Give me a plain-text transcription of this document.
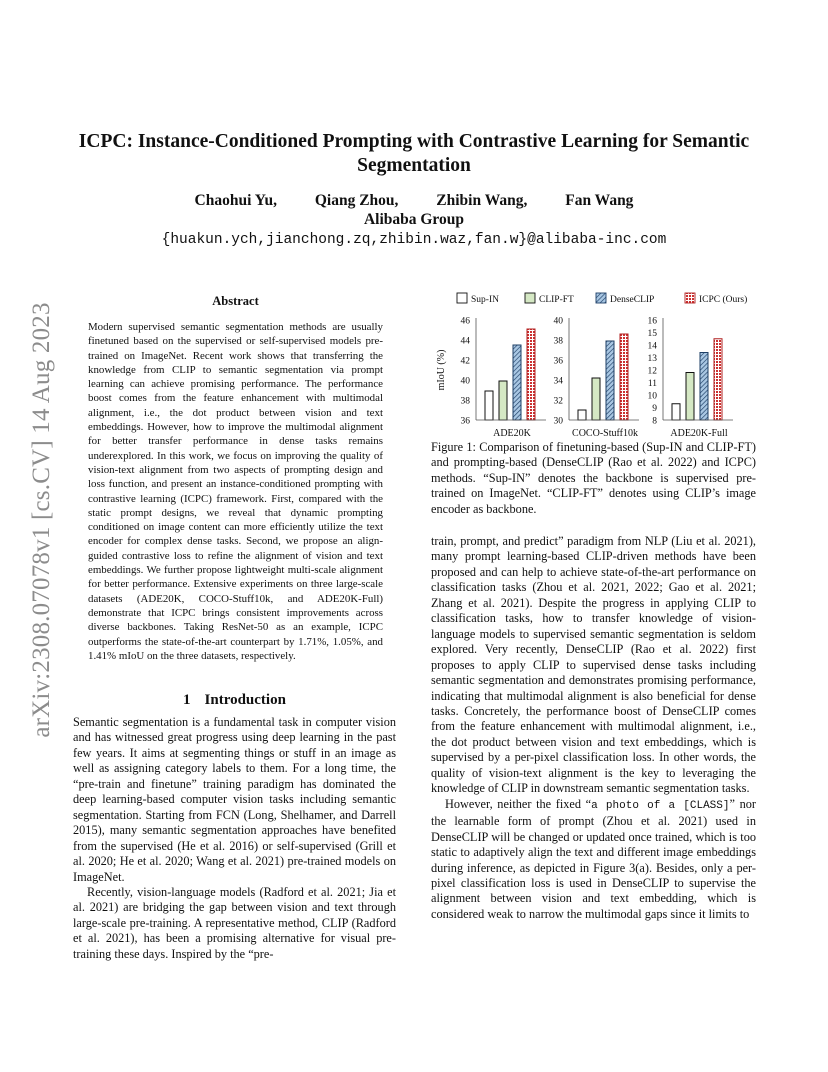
arXiv:2308.07078v1 [cs.CV] 14 Aug 2023
ICPC: Instance-Conditioned Prompting with Contrastive Learning for Semantic Segmentation
Chaohui Yu, Qiang Zhou, Zhibin Wang, Fan Wang
Alibaba Group
{huakun.ych,jianchong.zq,zhibin.waz,fan.w}@alibaba-inc.com
Abstract

Modern supervised semantic segmentation methods are usually finetuned based on the supervised or self-supervised models pre-trained on ImageNet. Recent work shows that transferring the knowledge from CLIP to semantic segmentation via prompt learning can achieve promising performance. The performance boost comes from the feature enhancement with multimodal alignment, i.e., the dot product between vision and text embeddings. However, how to improve the multimodal alignment for better transfer performance in dense tasks remains underexplored. In this work, we focus on improving the quality of vision-text alignment from two aspects of prompting design and loss function, and present an instance-conditioned prompting with contrastive learning (ICPC) framework. First, compared with the static prompt designs, we reveal that dynamic prompting conditioned on image content can more efficiently utilize the text encoder for complex dense tasks. Second, we propose an align-guided contrastive loss to refine the alignment of vision and text embeddings. We further propose lightweight multi-scale alignment for better performance. Extensive experiments on three large-scale datasets (ADE20K, COCO-Stuff10k, and ADE20K-Full) demonstrate that ICPC brings consistent improvements across diverse backbones. Taking ResNet-50 as an example, ICPC outperforms the state-of-the-art counterpart by 1.71%, 1.05%, and 1.41% mIoU on the three datasets, respectively.

1 Introduction

Semantic segmentation is a fundamental task in computer vision and has witnessed great progress using deep learning in the past few years. It aims at segmenting things or stuff in an image as well as assigning category labels to them. For a long time, the “pre-train and finetune” training paradigm has dominated the deep learning-based computer vision tasks including semantic segmentation. Starting from FCN (Long, Shelhamer, and Darrell 2015), many semantic segmentation approaches have benefited from the supervised (He et al. 2016) or self-supervised (Grill et al. 2020; He et al. 2020; Wang et al. 2021) pre-trained models on ImageNet.

Recently, vision-language models (Radford et al. 2021; Jia et al. 2021) are bridging the gap between vision and text through large-scale pre-training. A representative method, CLIP (Radford et al. 2021), has been a promising alternative for visual pre-training these days. Inspired by the “pre-

Sup-IN	CLIP-FT	DenseCLIP	ICPC (Ours)
36
38
40
42
44
46
ADE20K
30
32
34
36
38
40
COCO-Stuff10k
8
9
10
11
12
13
14
15
16
ADE20K-Full
mIoU (%)
Figure 1: Comparison of finetuning-based (Sup-IN and CLIP-FT) and prompting-based (DenseCLIP (Rao et al. 2022) and ICPC) methods. “Sup-IN” denotes the backbone is supervised pre-trained on ImageNet. “CLIP-FT” denotes using CLIP’s image encoder as backbone.

train, prompt, and predict” paradigm from NLP (Liu et al. 2021), many prompt learning-based CLIP-driven methods have been proposed and can help to achieve state-of-the-art performance on classification tasks (Zhou et al. 2021, 2022; Gao et al. 2021; Zhang et al. 2021). Despite the progress in applying CLIP to classification tasks, how to transfer knowledge of vision-language models to supervised semantic segmentation is seldom explored. Very recently, DenseCLIP (Rao et al. 2022) first proposes to apply CLIP to supervised dense tasks including semantic segmentation and demonstrates promising performance, indicating that multimodal alignment is also beneficial for dense tasks. Concretely, the performance boost of DenseCLIP comes from the feature enhancement with multimodal alignment, i.e., the dot product between vision and text embeddings, which is supervised by a per-pixel classification loss. In other words, the quality of vision-text alignment is the key to leveraging the knowledge of CLIP in downstream semantic segmentation tasks.

However, neither the fixed “a photo of a [CLASS]” nor the learnable form of prompt (Zhou et al. 2021) used in DenseCLIP will be changed or updated once trained, which is too static to adaptively align the text and different image embeddings during inference, as depicted in Figure 3(a). Besides, only a per-pixel classification loss is used in DenseCLIP to supervise the alignment between vision and text embedding, which is considered weak to narrow the multimodal gaps since it limits to
